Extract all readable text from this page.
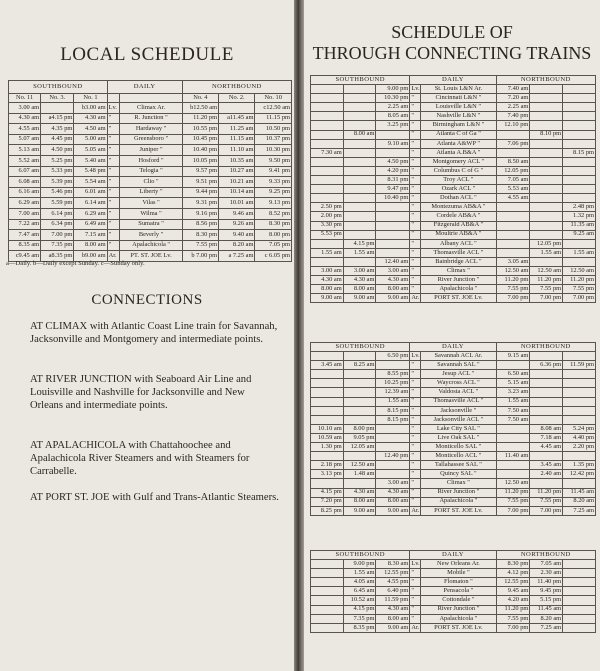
LOCAL SCHEDULE
SOUTHBOUND			DAILY		NORTHBOUND		
No. 11	No. 3.	No. 1			No. 4	No. 2.	No. 10
3.00 am		b3.00 am	Lv.	Climax Ar.	b12.50 am		c12.50 am
4.30 am	a4.15 pm	4.30 am	"	R. Junction "	11.20 pm	a11.45 am	11.15 pm
4.55 am	4.35 pm	4.50 am	"	Hardaway "	10.55 pm	11.25 am	10.50 pm
5.07 am	4.45 pm	5.00 am	"	Greensboro "	10.45 pm	11.15 am	10.37 pm
5.13 am	4.50 pm	5.05 am	"	Juniper "	10.40 pm	11.10 am	10.30 pm
5.52 am	5.25 pm	5.40 am	"	Hosford "	10.05 pm	10.35 am	9.50 pm
6.07 am	5.33 pm	5.48 pm	"	Telogia "	9.57 pm	10.27 am	9.41 pm
6.08 am	5.39 pm	5.54 am	"	Clio "	9.51 pm	10.21 am	9.33 pm
6.16 am	5.46 pm	6.01 am	"	Liberty "	9.44 pm	10.14 am	9.25 pm
6.29 am	5.59 pm	6.14 am	"	Vilas "	9.31 pm	10.01 am	9.13 pm
7.00 am	6.14 pm	6.29 am	"	Wilma "	9.16 pm	9.46 am	8.52 pm
7.22 am	6.34 pm	6.49 am	"	Sumatra "	8.56 pm	9.26 am	8.30 pm
7.47 am	7.00 pm	7.15 am	"	Beverly "	8.30 pm	9.40 am	8.00 pm
8.35 am	7.35 pm	8.00 am	"	Apalachicola "	7.55 pm	8.20 am	7.05 pm
c9.45 am	a8.35 pm	b9.00 am	Ar.	PT. ST. JOE Lv.	b 7.00 pm	a 7.25 am	c 6.05 pm
a—Daily. b—Daily except Sunday. c—Sunday only.
CONNECTIONS
AT CLIMAX with Atlantic Coast Line train for Savannah, Jacksonville and Montgomery and intermediate points.
AT RIVER JUNCTION with Seaboard Air Line and Louisville and Nashville for Jacksonville and New Orleans and intermediate points.
AT APALACHICOLA with Chattahoochee and Apalachicola River Steamers and with Steamers for Carrabelle.
AT PORT ST. JOE with Gulf and Trans-Atlantic Steamers.
SCHEDULE OF
THROUGH CONNECTING TRAINS
SOUTHBOUND			DAILY		NORTHBOUND		
		9.00 pm	Lv.	St. Louis L&N Ar.	7.40 am		
		10.30 pm	"	Cincinnati L&N "	7.20 am		
		2.25 am	"	Louisville L&N "	2.25 am		
		8.05 am	"	Nashville L&N "	7.40 pm		
		3.25 pm	"	Birmingham L&N "	12.10 pm		
	8.00 am		"	Atlanta C of Ga "		8.10 pm	
		9.10 am	"	Atlanta A&WP "	7.06 pm		
7.30 am			"	Atlanta A.B&A "			8.15 pm
		4.50 pm	"	Montgomery ACL "	8.50 am		
		4.20 pm	"	Columbus C of G "	12.05 pm		
		8.31 pm	"	Troy ACL "	7.05 am		
		9.47 pm	"	Ozark ACL "	5.53 am		
		10.40 pm	"	Dothan ACL "	4.55 am		
2.50 pm			"	Montezuma AB&A "			2.48 pm
2.00 pm			"	Cordele AB&A "			1.32 pm
3.30 pm			"	Fitzgerald AB&A "			11.35 am
5.53 pm			"	Moultrie AB&A "			9.25 am
	4.15 pm		"	Albany ACL "		12.05 pm	
1.55 am	1.55 am		"	Thomasville ACL "		1.55 am	1.55 am
		12.40 am	"	Bainbridge ACL "	3.05 am		
3.00 am	3.00 am	3.00 am	"	Climax "	12.50 am	12.50 am	12.50 am
4.30 am	4.30 am	4.30 am	"	River Junction "	11.20 pm	11.20 pm	11.20 pm
8.00 am	8.00 am	8.00 am	"	Apalachicola "	7.55 pm	7.55 pm	7.55 pm
9.00 am	9.00 am	9.00 am	Ar.	PORT ST. JOE Lv.	7.00 pm	7.00 pm	7.00 pm
SOUTHBOUND			DAILY		NORTHBOUND		
		6.50 pm	Lv.	Savannah ACL Ar.	9.15 am		
3.45 am	8.25 am		"	Savannah SAL "		6.36 pm	11.59 pm
		8.55 pm	"	Jesup ACL "	6.50 am		
		10.25 pm	"	Waycross ACL "	5.15 am		
		12.39 am	"	Valdosta ACL "	3.23 am		
		1.55 am	"	Thomasville ACL "	1.55 am		
		8.15 pm	"	Jacksonville "	7.50 am		
		8.15 pm	"	Jacksonville ACL "	7.50 am		
10.10 am	8.00 pm		"	Lake City SAL "		8.08 am	5.24 pm
10.59 am	9.05 pm		"	Live Oak SAL "		7.18 am	4.40 pm
1.30 pm	12.05 am		"	Monticello SAL "		4.45 am	2.20 pm
		12.40 pm	"	Monticello ACL "	11.40 am		
2.18 pm	12.50 am		"	Tallahassee SAL "		3.45 am	1.35 pm
3.13 pm	1.48 am		"	Quincy SAL "		2.40 am	12.42 pm
		3.00 am	"	Climax "	12.50 am		
4.15 pm	4.30 am	4.30 am	"	River Junction "	11.20 pm	11.20 pm	11.45 am
7.20 pm	8.00 am	8.00 am	"	Apalachicola "	7.55 pm	7.55 pm	8.20 am
8.25 pm	9.00 am	9.00 am	Ar.	PORT ST. JOE Lv.	7.00 pm	7.00 pm	7.25 am
SOUTHBOUND			DAILY		NORTHBOUND		
	9.00 pm	8.30 am	Lv.	New Orleans Ar.	8.30 pm	7.05 am	
	1.55 am	12.55 pm	"	Mobile "	4.12 pm	2.30 am	
	4.05 am	4.55 pm	"	Flomaton "	12.55 pm	11.40 pm	
	6.45 am	6.40 pm	"	Pensacola "	9.45 am	9.45 pm	
	10.52 am	11.59 pm	"	Cottondale "	4.20 am	5.15 pm	
	4.15 pm	4.30 am	"	River Junction "	11.20 pm	11.45 am	
	7.35 pm	8.00 am	"	Apalachicola "	7.55 pm	8.20 am	
	8.35 pm	9.00 am	Ar.	PORT ST. JOE Lv.	7.00 pm	7.25 am	
